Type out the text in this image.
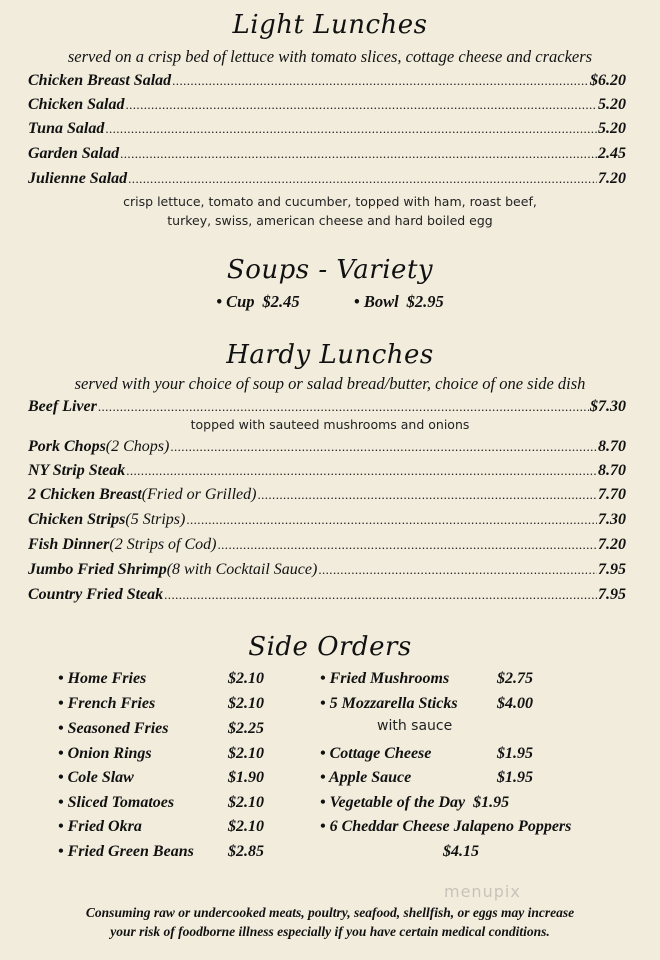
Light Lunches
served on a crisp bed of lettuce with tomato slices, cottage cheese and crackers
Chicken Breast Salad .....	$6.20
Chicken Salad .....	5.20
Tuna Salad .....	5.20
Garden Salad .....	2.45
Julienne Salad .....	7.20
crisp lettuce, tomato and cucumber, topped with ham, roast beef,
turkey, swiss, american cheese and hard boiled egg
Soups - Variety
• Cup $2.45	• Bowl $2.95
Hardy Lunches
served with your choice of soup or salad bread/butter, choice of one side dish
Beef Liver .....	$7.30
topped with sauteed mushrooms and onions
Pork Chops (2 Chops) .....	8.70
NY Strip Steak .....	8.70
2 Chicken Breast (Fried or Grilled) .....	7.70
Chicken Strips (5 Strips) .....	7.30
Fish Dinner (2 Strips of Cod) .....	7.20
Jumbo Fried Shrimp (8 with Cocktail Sauce) .....	7.95
Country Fried Steak .....	7.95
Side Orders
• Home Fries	$2.10
• French Fries	$2.10
• Seasoned Fries	$2.25
• Onion Rings	$2.10
• Cole Slaw	$1.90
• Sliced Tomatoes	$2.10
• Fried Okra	$2.10
• Fried Green Beans $2.85
• Fried Mushrooms	$2.75
• 5 Mozzarella Sticks $4.00
with sauce
• Cottage Cheese	$1.95
• Apple Sauce	$1.95
• Vegetable of the Day $1.95
• 6 Cheddar Cheese Jalapeno Poppers
$4.15
menupix
Consuming raw or undercooked meats, poultry, seafood, shellfish, or eggs may increase
your risk of foodborne illness especially if you have certain medical conditions.
